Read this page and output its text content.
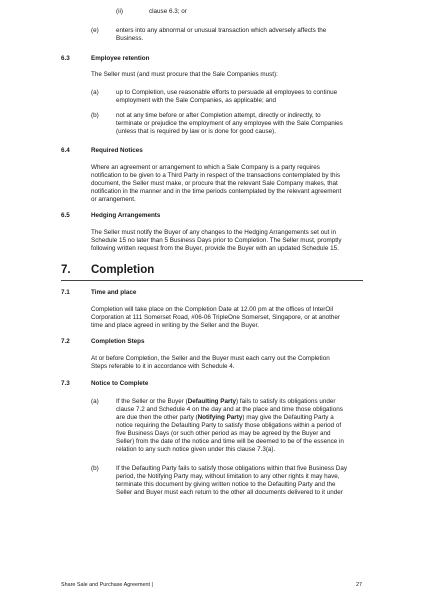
(ii)	clause 6.3; or
(e)	enters into any abnormal or unusual transaction which adversely affects the
Business.
6.3	Employee retention
The Seller must (and must procure that the Sale Companies must):
(a)	up to Completion, use reasonable efforts to persuade all employees to continue
employment with the Sale Companies, as applicable; and
(b)	not at any time before or after Completion attempt, directly or indirectly, to
terminate or prejudice the employment of any employee with the Sale Companies
(unless that is required by law or is done for good cause).
6.4	Required Notices
Where an agreement or arrangement to which a Sale Company is a party requires
notification to be given to a Third Party in respect of the transactions contemplated by this
document, the Seller must make, or procure that the relevant Sale Company makes, that
notification in the manner and in the time periods contemplated by the relevant agreement
or arrangement.
6.5	Hedging Arrangements
The Seller must notify the Buyer of any changes to the Hedging Arrangements set out in
Schedule 15 no later than 5 Business Days prior to Completion. The Seller must, promptly
following written request from the Buyer, provide the Buyer with an updated Schedule 15.
7. Completion
7.1	Time and place
Completion will take place on the Completion Date at 12.00 pm at the offices of InterOil
Corporation at 111 Somerset Road, #06-06 TripleOne Somerset, Singapore, or at another
time and place agreed in writing by the Seller and the Buyer.
7.2	Completion Steps
At or before Completion, the Seller and the Buyer must each carry out the Completion
Steps referable to it in accordance with Schedule 4.
7.3	Notice to Complete
(a)	If the Seller or the Buyer (Defaulting Party) fails to satisfy its obligations under
clause 7.2 and Schedule 4 on the day and at the place and time those obligations
are due then the other party (Notifying Party) may give the Defaulting Party a
notice requiring the Defaulting Party to satisfy those obligations within a period of
five Business Days (or such other period as may be agreed by the Buyer and
Seller) from the date of the notice and time will be deemed to be of the essence in
relation to any such notice given under this clause 7.3(a).
(b)	If the Defaulting Party fails to satisfy those obligations within that five Business Day
period, the Notifying Party may, without limitation to any other rights it may have,
terminate this document by giving written notice to the Defaulting Party and the
Seller and Buyer must each return to the other all documents delivered to it under
Share Sale and Purchase Agreement |	27
